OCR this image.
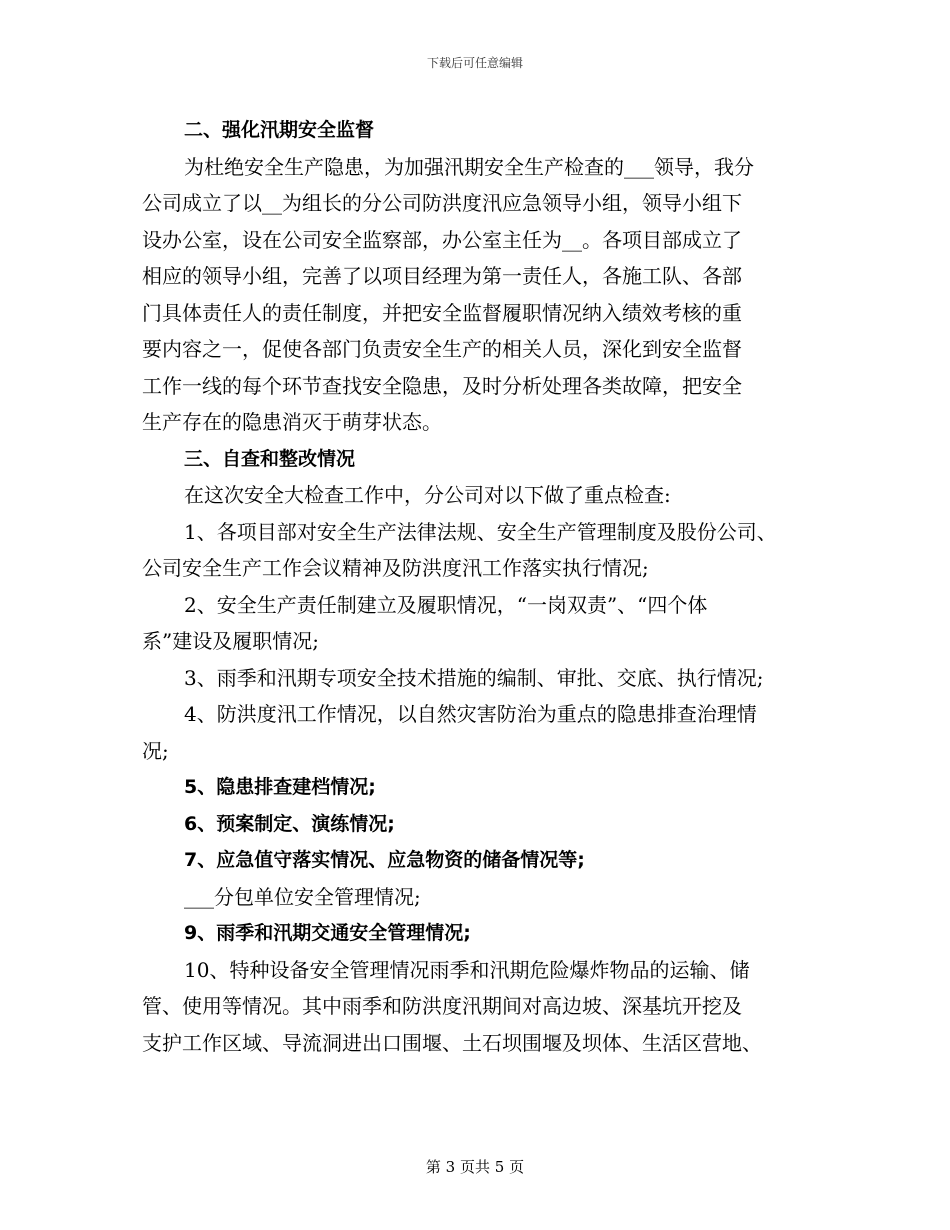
下载后可任意编辑
二、强化汛期安全监督
为杜绝安全生产隐患，为加强汛期安全生产检查的___领导，我分
公司成立了以__为组长的分公司防洪度汛应急领导小组，领导小组下
设办公室，设在公司安全监察部，办公室主任为__。各项目部成立了
相应的领导小组，完善了以项目经理为第一责任人，各施工队、各部
门具体责任人的责任制度，并把安全监督履职情况纳入绩效考核的重
要内容之一，促使各部门负责安全生产的相关人员，深化到安全监督
工作一线的每个环节查找安全隐患，及时分析处理各类故障，把安全
生产存在的隐患消灭于萌芽状态。
三、自查和整改情况
在这次安全大检查工作中，分公司对以下做了重点检查:
1、各项目部对安全生产法律法规、安全生产管理制度及股份公司、
公司安全生产工作会议精神及防洪度汛工作落实执行情况;
2、安全生产责任制建立及履职情况，“一岗双责”、“四个体
系”建设及履职情况;
3、雨季和汛期专项安全技术措施的编制、审批、交底、执行情况;
4、防洪度汛工作情况，以自然灾害防治为重点的隐患排查治理情
况;
5、隐患排查建档情况;
6、预案制定、演练情况;
7、应急值守落实情况、应急物资的储备情况等;
___分包单位安全管理情况;
9、雨季和汛期交通安全管理情况;
10、特种设备安全管理情况雨季和汛期危险爆炸物品的运输、储
管、使用等情况。其中雨季和防洪度汛期间对高边坡、深基坑开挖及
支护工作区域、导流洞进出口围堰、土石坝围堰及坝体、生活区营地、
第 3 页共 5 页
